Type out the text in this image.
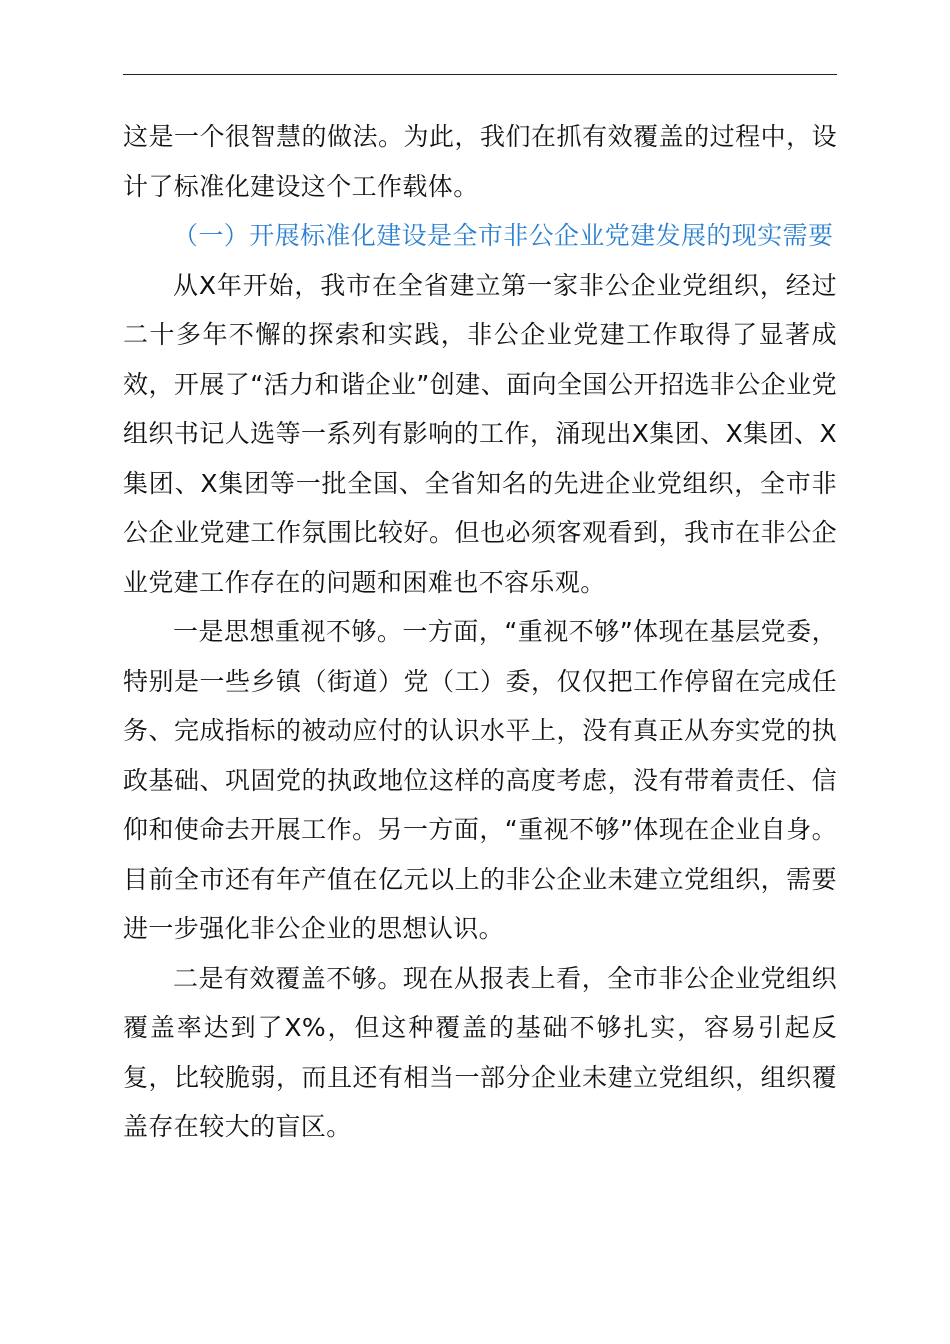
这是一个很智慧的做法。为此，我们在抓有效覆盖的过程中，设计了标准化建设这个工作载体。

（一）开展标准化建设是全市非公企业党建发展的现实需要

从X年开始，我市在全省建立第一家非公企业党组织，经过二十多年不懈的探索和实践，非公企业党建工作取得了显著成效，开展了“活力和谐企业”创建、面向全国公开招选非公企业党组织书记人选等一系列有影响的工作，涌现出X集团、X集团、X集团、X集团等一批全国、全省知名的先进企业党组织，全市非公企业党建工作氛围比较好。但也必须客观看到，我市在非公企业党建工作存在的问题和困难也不容乐观。

一是思想重视不够。一方面，“重视不够”体现在基层党委，特别是一些乡镇（街道）党（工）委，仅仅把工作停留在完成任务、完成指标的被动应付的认识水平上，没有真正从夯实党的执政基础、巩固党的执政地位这样的高度考虑，没有带着责任、信仰和使命去开展工作。另一方面，“重视不够”体现在企业自身。目前全市还有年产值在亿元以上的非公企业未建立党组织，需要进一步强化非公企业的思想认识。

二是有效覆盖不够。现在从报表上看，全市非公企业党组织覆盖率达到了X%，但这种覆盖的基础不够扎实，容易引起反复，比较脆弱，而且还有相当一部分企业未建立党组织，组织覆盖存在较大的盲区。
